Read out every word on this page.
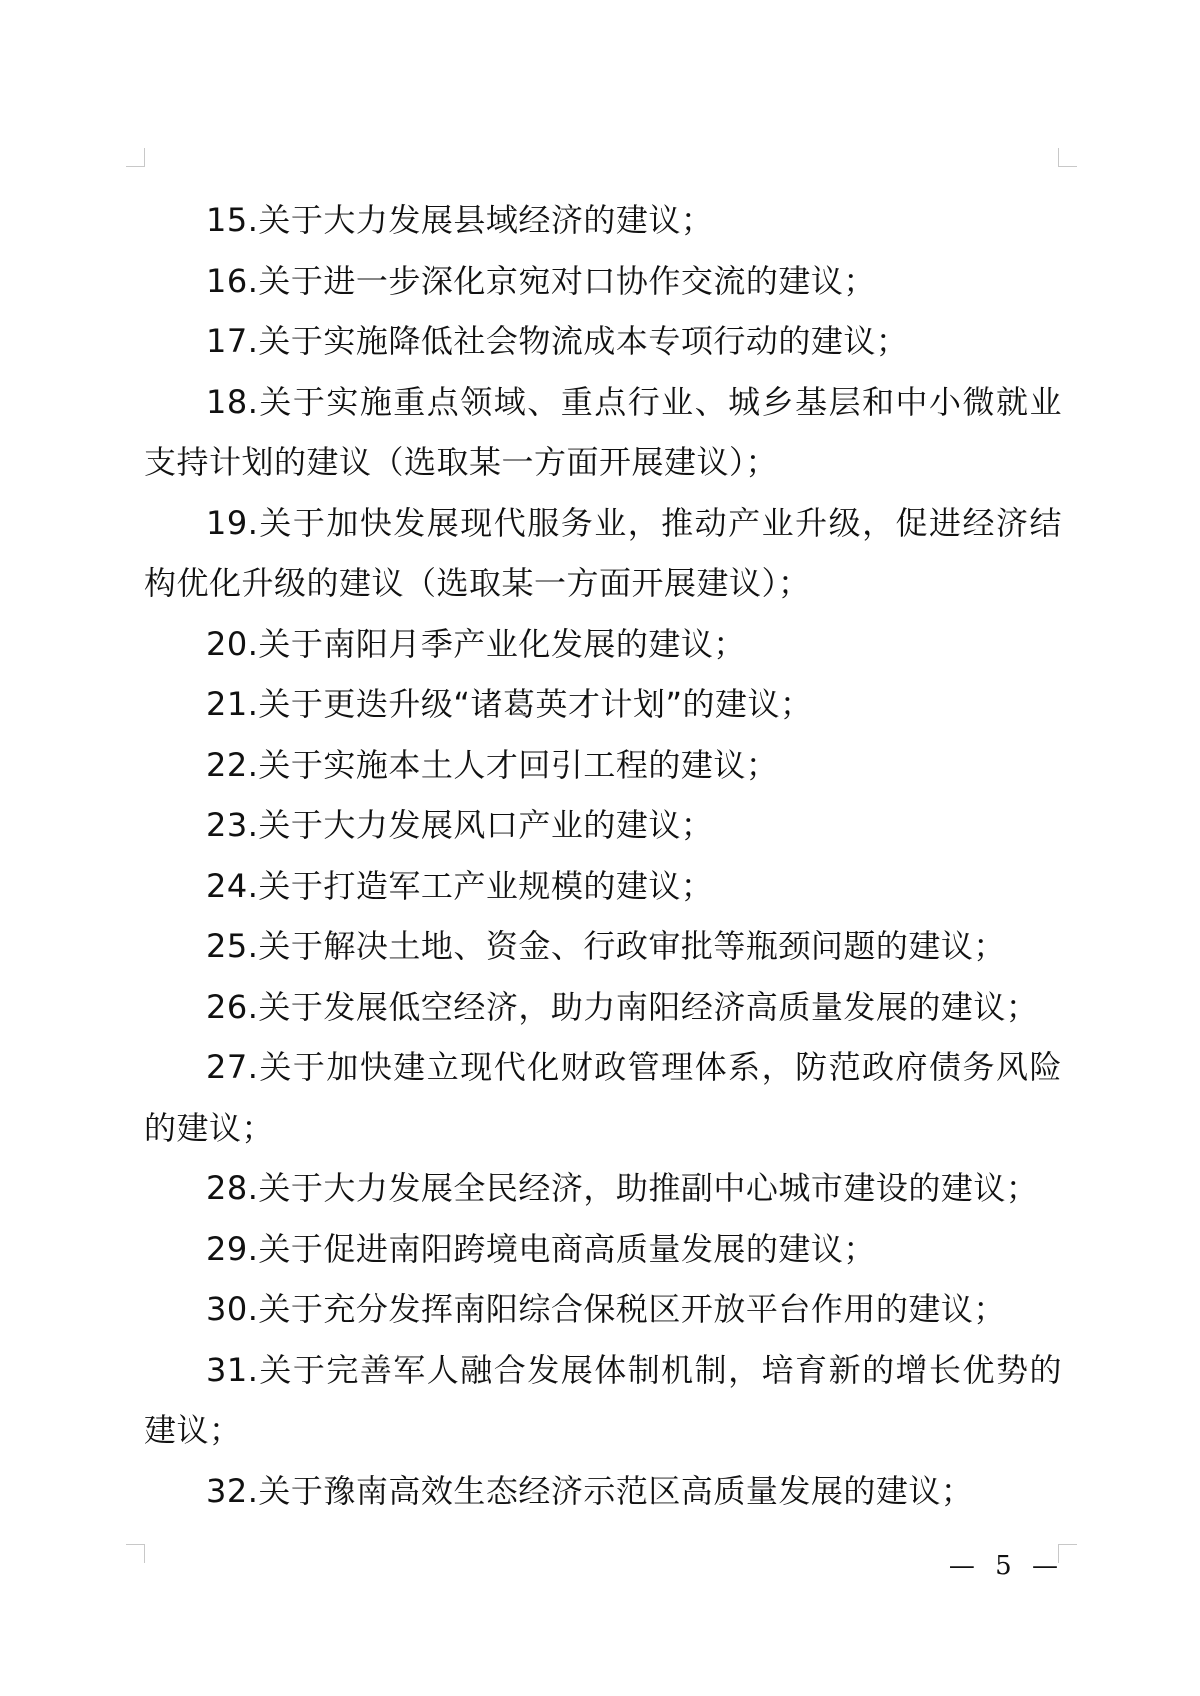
15.关于大力发展县域经济的建议；

16.关于进一步深化京宛对口协作交流的建议；

17.关于实施降低社会物流成本专项行动的建议；

18.关于实施重点领域、重点行业、城乡基层和中小微就业支持计划的建议（选取某一方面开展建议）；

19.关于加快发展现代服务业，推动产业升级，促进经济结构优化升级的建议（选取某一方面开展建议）；

20.关于南阳月季产业化发展的建议；

21.关于更迭升级“诸葛英才计划”的建议；

22.关于实施本土人才回引工程的建议；

23.关于大力发展风口产业的建议；

24.关于打造军工产业规模的建议；

25.关于解决土地、资金、行政审批等瓶颈问题的建议；

26.关于发展低空经济，助力南阳经济高质量发展的建议；

27.关于加快建立现代化财政管理体系，防范政府债务风险的建议；

28.关于大力发展全民经济，助推副中心城市建设的建议；

29.关于促进南阳跨境电商高质量发展的建议；

30.关于充分发挥南阳综合保税区开放平台作用的建议；

31.关于完善军人融合发展体制机制，培育新的增长优势的建议；

32.关于豫南高效生态经济示范区高质量发展的建议；

— 5 —
